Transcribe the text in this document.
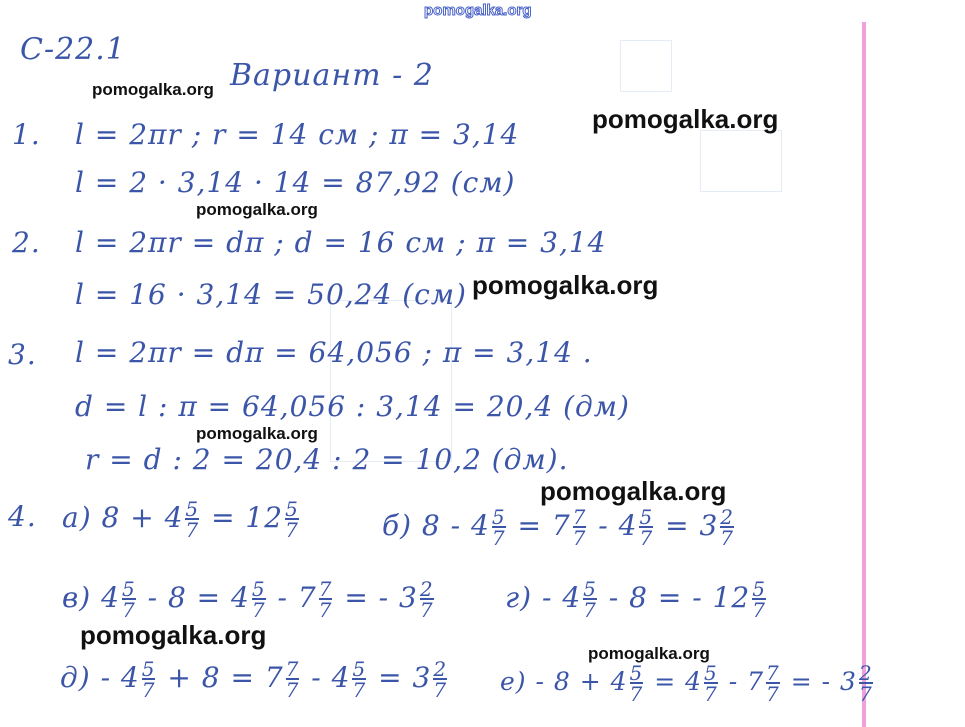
pomogalka.org
С-22.1
Вариант - 2
1. l = 2πr ; r = 14 см ; π = 3,14
l = 2 · 3,14 · 14 = 87,92 (см)
2. l = 2πr = dπ ; d = 16 см ; π = 3,14
l = 16 · 3,14 = 50,24 (см)
3. l = 2πr = dπ = 64,056 ; π = 3,14 .
d = l : π = 64,056 : 3,14 = 20,4 (дм)
r = d : 2 = 20,4 : 2 = 10,2 (дм).
4. а) $8 + 4 \frac{5}{7} = 12 \frac{5}{7}$	б) $8 - 4 \frac{5}{7} = 7 \frac{7}{7} - 4 \frac{5}{7} = 3 \frac{2}{7}$
в) $4 \frac{5}{7} - 8 = 4 \frac{5}{7} - 7 \frac{7}{7}$ = - $3 \frac{2}{7}$	$г) - 4 \frac{5}{7} - 8$ = - $12 \frac{5}{7}$
$д) - 4 \frac{5}{7} + 8 = 7 \frac{7}{7} - 4 \frac{5}{7} = 3 \frac{2}{7} е) - 8 + 4 \frac{5}{7} = 4 \frac{5}{7} - 7 \frac{7}{7}$ = - $3 \frac{2}{7}$
pomogalka.org
pomogalka.org
pomogalka.org
pomogalka.org
pomogalka.org
pomogalka.org
pomogalka.org
pomogalka.org
